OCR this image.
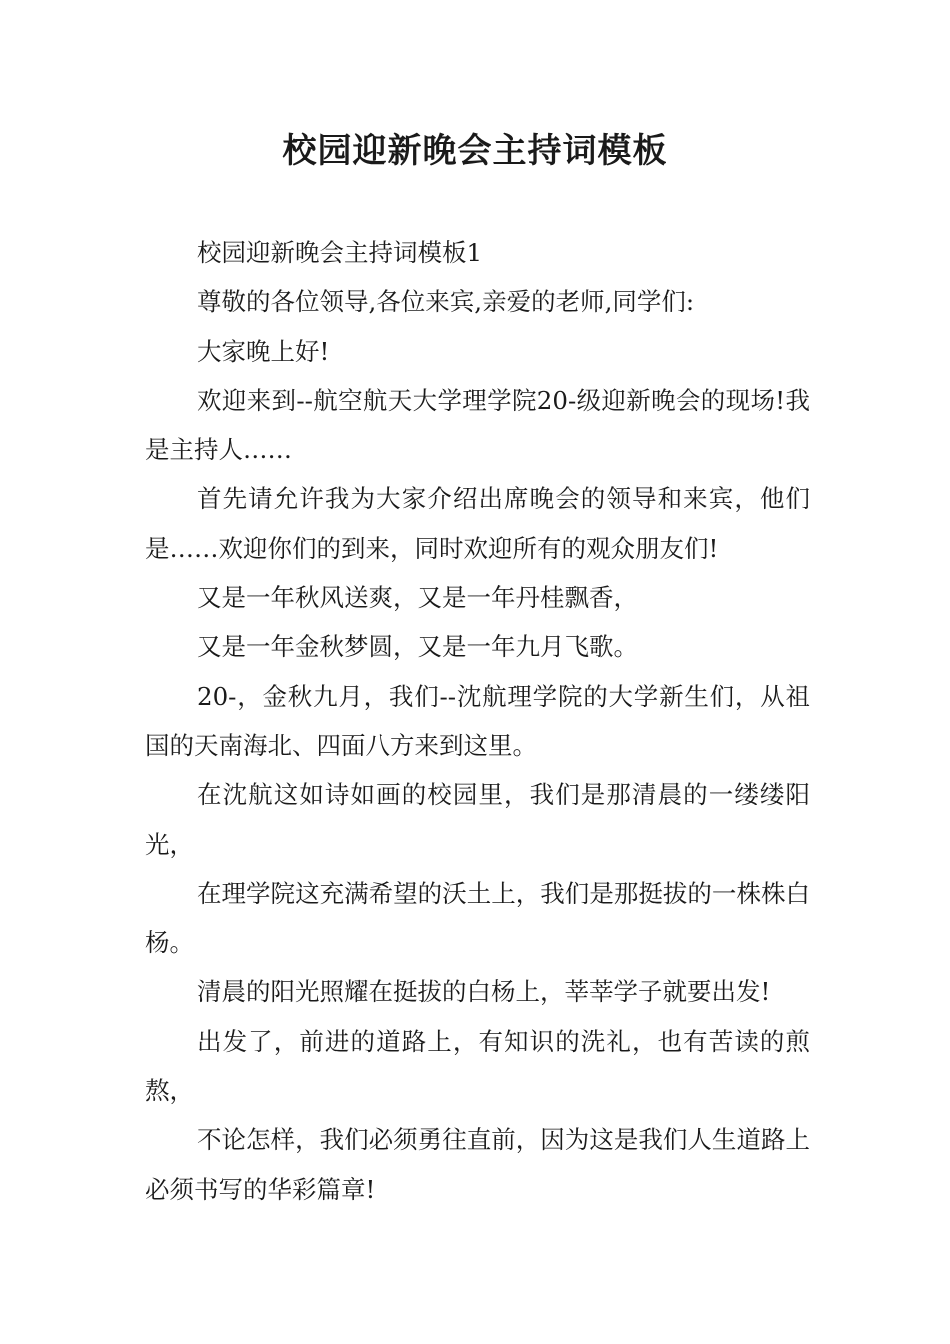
校园迎新晚会主持词模板

校园迎新晚会主持词模板1

尊敬的各位领导,各位来宾,亲爱的老师,同学们:

大家晚上好!

欢迎来到--航空航天大学理学院20-级迎新晚会的现场!我是主持人……

首先请允许我为大家介绍出席晚会的领导和来宾，他们是……欢迎你们的到来，同时欢迎所有的观众朋友们!

又是一年秋风送爽，又是一年丹桂飘香，

又是一年金秋梦圆，又是一年九月飞歌。

20-，金秋九月，我们--沈航理学院的大学新生们，从祖国的天南海北、四面八方来到这里。

在沈航这如诗如画的校园里，我们是那清晨的一缕缕阳光，

在理学院这充满希望的沃土上，我们是那挺拔的一株株白杨。

清晨的阳光照耀在挺拔的白杨上，莘莘学子就要出发!

出发了，前进的道路上，有知识的洗礼，也有苦读的煎熬，

不论怎样，我们必须勇往直前，因为这是我们人生道路上必须书写的华彩篇章!
